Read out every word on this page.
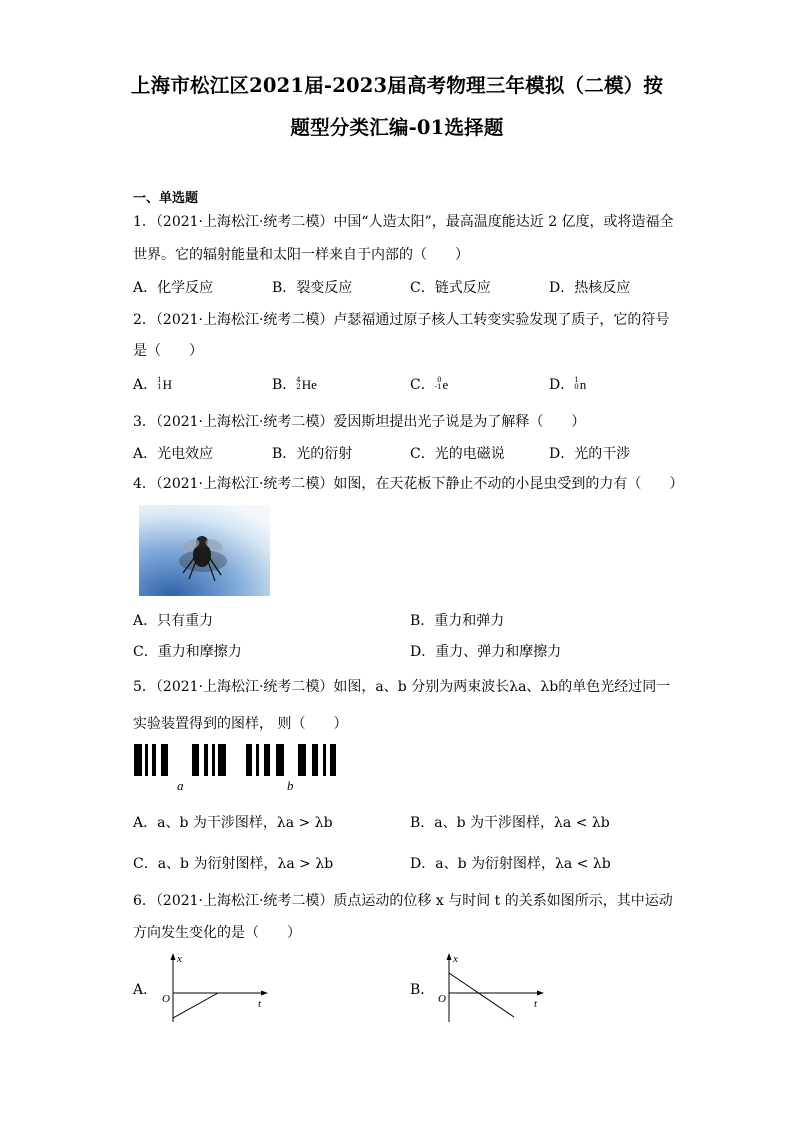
上海市松江区2021届-2023届高考物理三年模拟（二模）按
题型分类汇编-01选择题
一、单选题
1．（2021·上海松江·统考二模）中国“人造太阳”，最高温度能达近 2 亿度，或将造福全
世界。它的辐射能量和太阳一样来自于内部的（　　）
A．化学反应	B．裂变反应	C．链式反应	D．热核反应
2．（2021·上海松江·统考二模）卢瑟福通过原子核人工转变实验发现了质子，它的符号
是（　　）
A． 1
1 H	B． 4
2 He	C． 0
-1 e	D． 1
0 n
3．（2021·上海松江·统考二模）爱因斯坦提出光子说是为了解释（　　）
A．光电效应	B．光的衍射	C．光的电磁说	D．光的干涉
4．（2021·上海松江·统考二模）如图，在天花板下静止不动的小昆虫受到的力有（　　）
A．只有重力	B．重力和弹力
C．重力和摩擦力	D．重力、弹力和摩擦力
5．（2021·上海松江·统考二模）如图，a、b 分别为两束波长λa、λb的单色光经过同一
实验装置得到的图样， 则（　　）
a	b
A．a、b 为干涉图样，λa > λb	B．a、b 为干涉图样，λa < λb
C．a、b 为衍射图样，λa > λb	D．a、b 为衍射图样，λa < λb
6．（2021·上海松江·统考二模）质点运动的位移 x 与时间 t 的关系如图所示，其中运动
方向发生变化的是（　　）
A．
x
t
O
B．
x
t
O
